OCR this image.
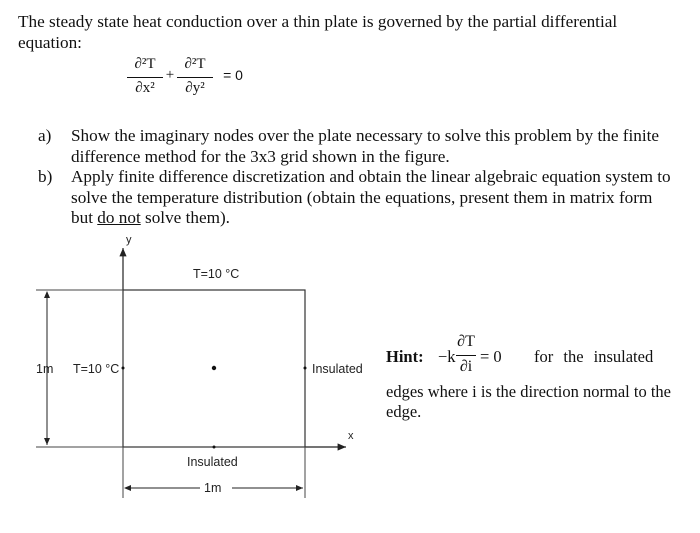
The steady state heat conduction over a thin plate is governed by the partial differential equation:
∂²T
∂x²
+
∂²T
∂y²
= 0
a) Show the imaginary nodes over the plate necessary to solve this problem by the finite difference method for the 3x3 grid shown in the figure.
b) Apply finite difference discretization and obtain the linear algebraic equation system to solve the temperature distribution (obtain the equations, present them in matrix form but do not solve them).
y
x
T=10 °C
T=10 °C	Insulated
Insulated
1m
1m
Hint: −k
∂T
∂i
= 0 for the insulated
edges where i is the direction normal to the edge.
